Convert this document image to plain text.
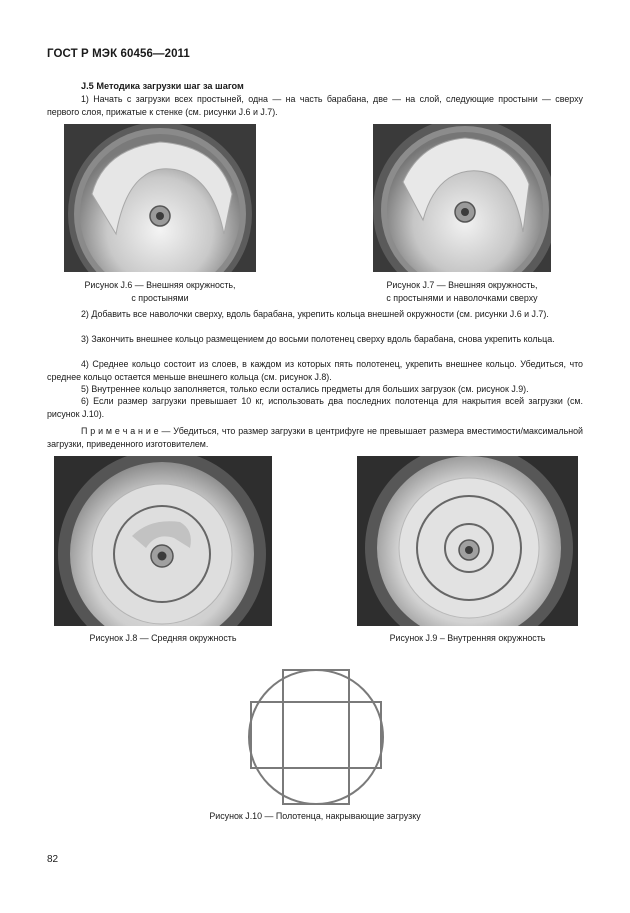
ГОСТ Р МЭК 60456—2011
J.5 Методика загрузки шаг за шагом

1) Начать с загрузки всех простыней, одна — на часть барабана, две — на слой, следующие простыни — сверху первого слоя, прижатые к стенке (см. рисунки J.6 и J.7).

Рисунок J.6 — Внешняя окружность,
с простынями
Рисунок J.7 — Внешняя окружность,
с простынями и наволочками сверху

2) Добавить все наволочки сверху, вдоль барабана, укрепить кольца внешней окружности (см. рисунки J.6 и J.7).

3) Закончить внешнее кольцо размещением до восьми полотенец сверху вдоль барабана, снова укрепить кольца.

4) Среднее кольцо состоит из слоев, в каждом из которых пять полотенец, укрепить внешнее кольцо. Убедиться, что среднее кольцо остается меньше внешнего кольца (см. рисунок J.8).

5) Внутреннее кольцо заполняется, только если остались предметы для больших загрузок (см. рисунок J.9).

6) Если размер загрузки превышает 10 кг, использовать два последних полотенца для накрытия всей загрузки (см. рисунок J.10).

П р и м е ч а н и е — Убедиться, что размер загрузки в центрифуге не превышает размера вместимости/максимальной загрузки, приведенного изготовителем.

Рисунок J.8 — Средняя окружность	Рисунок J.9 – Внутренняя окружность
Рисунок J.10 — Полотенца, накрывающие загрузку
82
